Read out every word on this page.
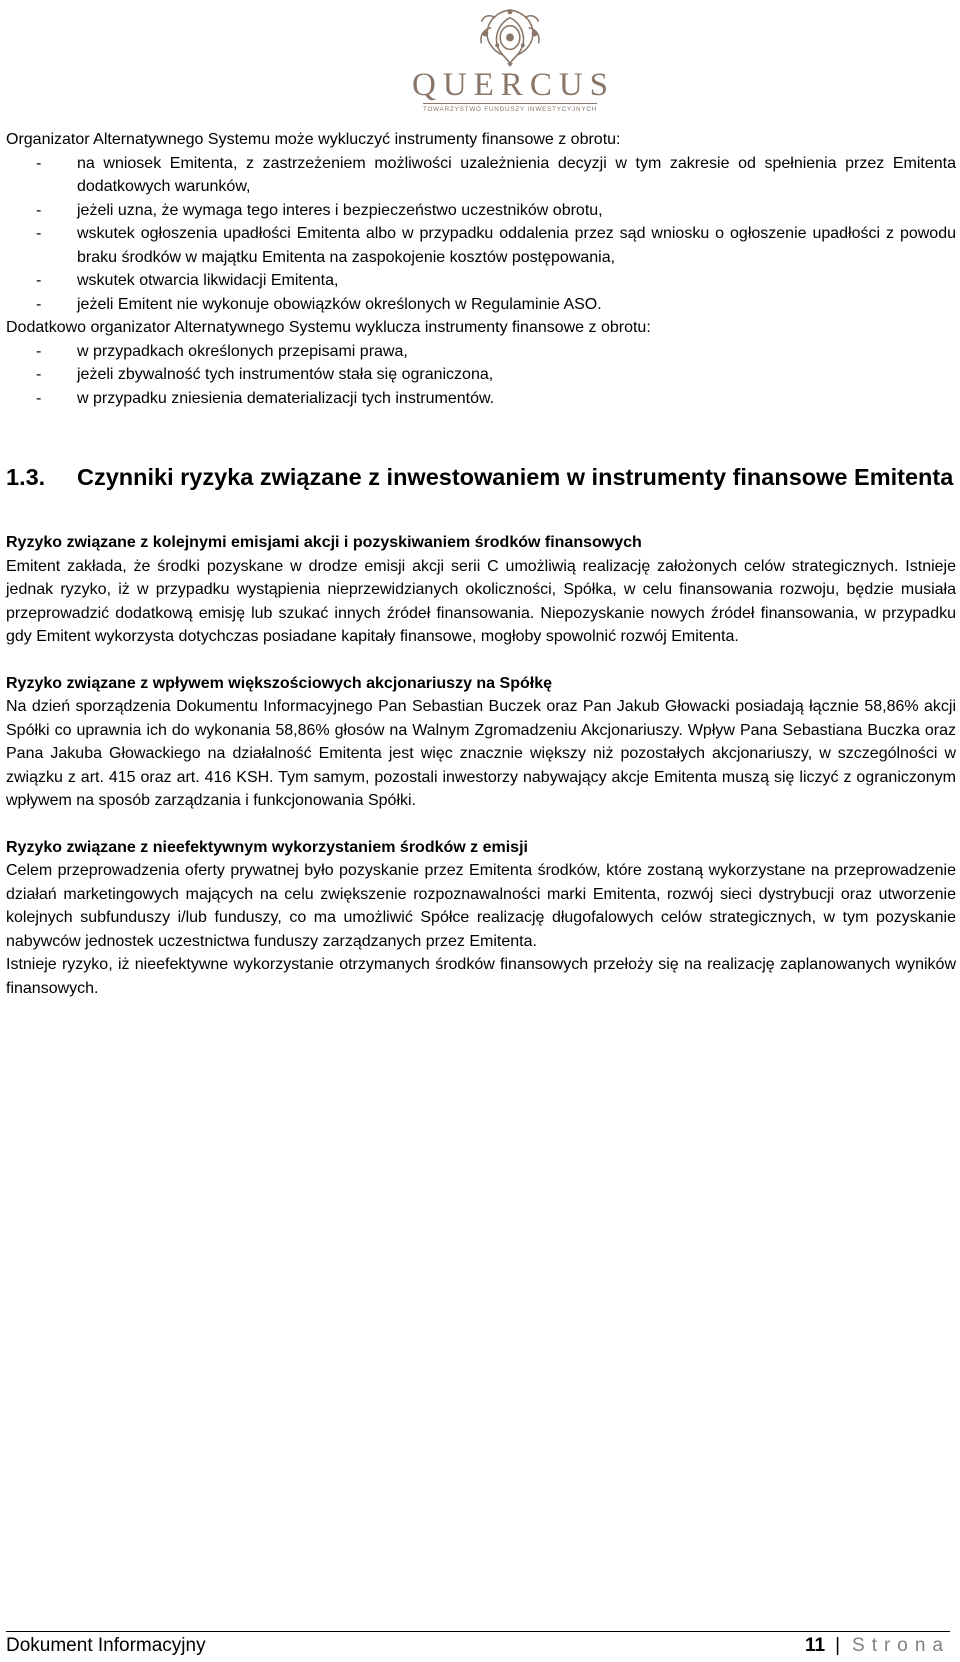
QUERCUS
TOWARZYSTWO FUNDUSZY INWESTYCYJNYCH

Organizator Alternatywnego Systemu może wykluczyć instrumenty finansowe z obrotu:

- na wniosek Emitenta, z zastrzeżeniem możliwości uzależnienia decyzji w tym zakresie od spełnienia przez Emitenta dodatkowych warunków,
- jeżeli uzna, że wymaga tego interes i bezpieczeństwo uczestników obrotu,
- wskutek ogłoszenia upadłości Emitenta albo w przypadku oddalenia przez sąd wniosku o ogłoszenie upadłości z powodu braku środków w majątku Emitenta na zaspokojenie kosztów postępowania,
- wskutek otwarcia likwidacji Emitenta,
- jeżeli Emitent nie wykonuje obowiązków określonych w Regulaminie ASO.

Dodatkowo organizator Alternatywnego Systemu wyklucza instrumenty finansowe z obrotu:

- w przypadkach określonych przepisami prawa,
- jeżeli zbywalność tych instrumentów stała się ograniczona,
- w przypadku zniesienia dematerializacji tych instrumentów.
1.3.	Czynniki ryzyka związane z inwestowaniem w instrumenty finansowe Emitenta

Ryzyko związane z kolejnymi emisjami akcji i pozyskiwaniem środków finansowych

Emitent zakłada, że środki pozyskane w drodze emisji akcji serii C umożliwią realizację założonych celów strategicznych. Istnieje jednak ryzyko, iż w przypadku wystąpienia nieprzewidzianych okoliczności, Spółka, w celu finansowania rozwoju, będzie musiała przeprowadzić dodatkową emisję lub szukać innych źródeł finansowania. Niepozyskanie nowych źródeł finansowania, w przypadku gdy Emitent wykorzysta dotychczas posiadane kapitały finansowe, mogłoby spowolnić rozwój Emitenta.

Ryzyko związane z wpływem większościowych akcjonariuszy na Spółkę

Na dzień sporządzenia Dokumentu Informacyjnego Pan Sebastian Buczek oraz Pan Jakub Głowacki posiadają łącznie 58,86% akcji Spółki co uprawnia ich do wykonania 58,86% głosów na Walnym Zgromadzeniu Akcjonariuszy. Wpływ Pana Sebastiana Buczka oraz Pana Jakuba Głowackiego na działalność Emitenta jest więc znacznie większy niż pozostałych akcjonariuszy, w szczególności w związku z art. 415 oraz art. 416 KSH. Tym samym, pozostali inwestorzy nabywający akcje Emitenta muszą się liczyć z ograniczonym wpływem na sposób zarządzania i funkcjonowania Spółki.

Ryzyko związane z nieefektywnym wykorzystaniem środków z emisji

Celem przeprowadzenia oferty prywatnej było pozyskanie przez Emitenta środków, które zostaną wykorzystane na przeprowadzenie działań marketingowych mających na celu zwiększenie rozpoznawalności marki Emitenta, rozwój sieci dystrybucji oraz utworzenie kolejnych subfunduszy i/lub funduszy, co ma umożliwić Spółce realizację długofalowych celów strategicznych, w tym pozyskanie nabywców jednostek uczestnictwa funduszy zarządzanych przez Emitenta.

Istnieje ryzyko, iż nieefektywne wykorzystanie otrzymanych środków finansowych przełoży się na realizację zaplanowanych wyników finansowych.

Dokument Informacyjny	11 | Strona
